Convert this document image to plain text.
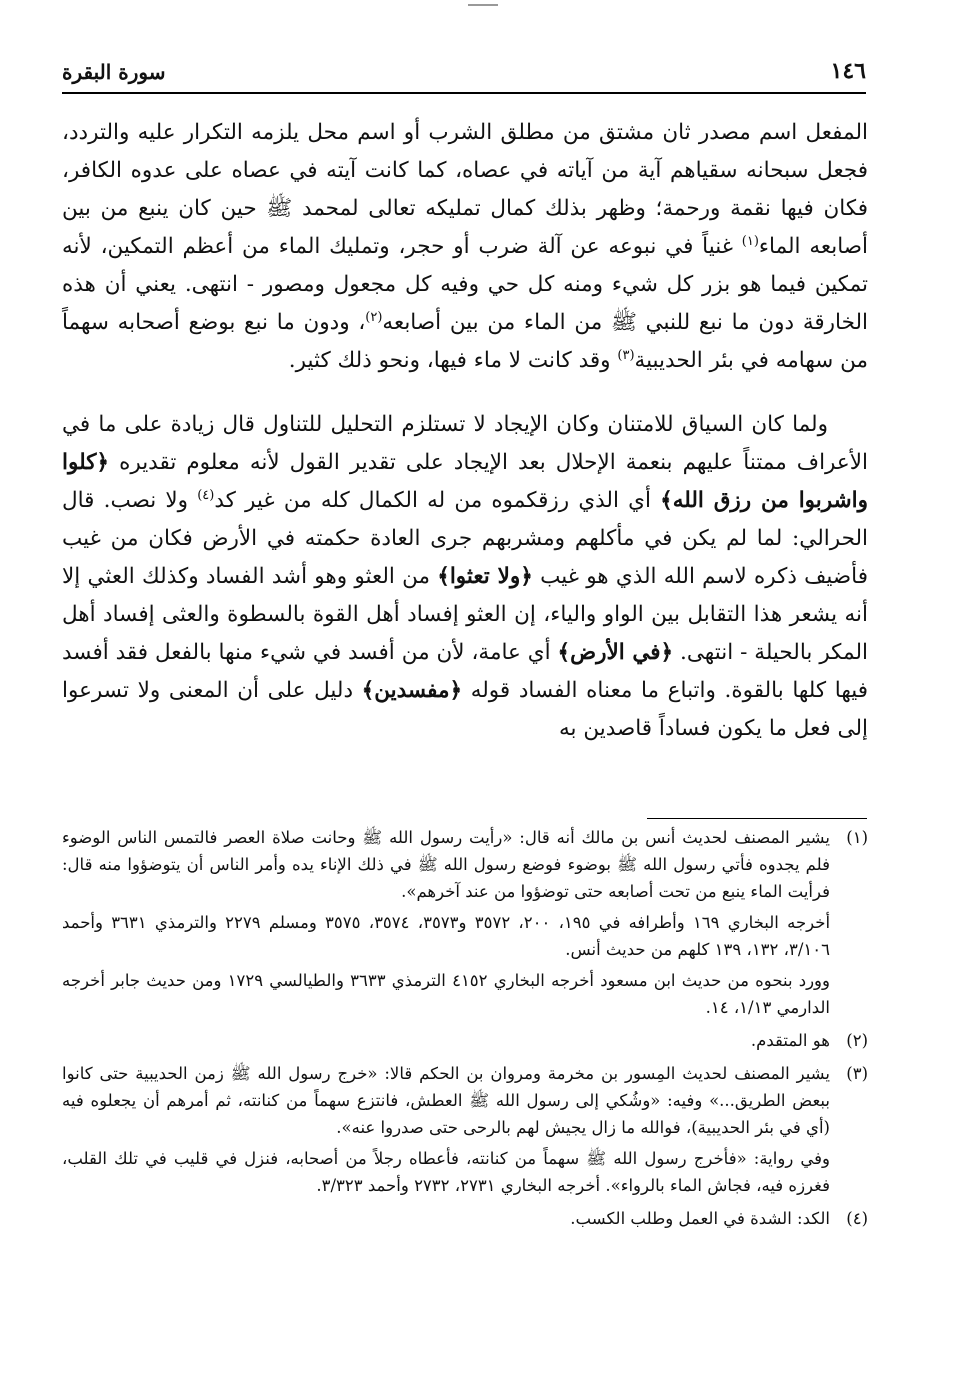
١٤٦
سورة البقرة

المفعل اسم مصدر ثان مشتق من مطلق الشرب أو اسم محل يلزمه التكرار عليه والتردد، فجعل سبحانه سقياهم آية من آياته في عصاه، كما كانت آيته في عصاه على عدوه الكافر، فكان فيها نقمة ورحمة؛ وظهر بذلك كمال تمليكه تعالى لمحمد ﷺ حين كان ينبع من بين أصابعه الماء$^{(١)}$ غنياً في نبوعه عن آلة ضرب أو حجر، وتمليك الماء من أعظم التمكين، لأنه تمكين فيما هو بزر كل شيء ومنه كل حي وفيه كل مجعول ومصور - انتهى. يعني أن هذه الخارقة دون ما نبع للنبي ﷺ من الماء من بين أصابعه$^{(٢)}$، ودون ما نبع بوضع أصحابه سهماً من سهامه في بئر الحديبية$^{(٣)}$ وقد كانت لا ماء فيها، ونحو ذلك كثير.

ولما كان السياق للامتنان وكان الإيجاد لا تستلزم التحليل للتناول قال زيادة على ما في الأعراف ممتناً عليهم بنعمة الإحلال بعد الإيجاد على تقدير القول لأنه معلوم تقديره ﴿كلوا واشربوا من رزق الله﴾ أي الذي رزقكموه من له الكمال كله من غير كد$^{(٤)}$ ولا نصب. قال الحرالي: لما لم يكن في مأكلهم ومشربهم جرى العادة حكمته في الأرض فكان من غيب فأضيف ذكره لاسم الله الذي هو غيب ﴿ولا تعثوا﴾ من العثو وهو أشد الفساد وكذلك العثي إلا أنه يشعر هذا التقابل بين الواو والياء، إن العثو إفساد أهل القوة بالسطوة والعثى إفساد أهل المكر بالحيلة - انتهى. ﴿في الأرض﴾ أي عامة، لأن من أفسد في شيء منها بالفعل فقد أفسد فيها كلها بالقوة. واتباع ما معناه الفساد قوله ﴿مفسدين﴾ دليل على أن المعنى ولا تسرعوا إلى فعل ما يكون فساداً قاصدين به

(١)

يشير المصنف لحديث أنس بن مالك أنه قال: «رأيت رسول الله ﷺ وحانت صلاة العصر فالتمس الناس الوضوء فلم يجدوه فأتي رسول الله ﷺ بوضوء فوضع رسول الله ﷺ في ذلك الإناء يده وأمر الناس أن يتوضؤوا منه قال: فرأيت الماء ينبع من تحت أصابعه حتى توضؤوا من عند آخرهم».

أخرجه البخاري ١٦٩ وأطرافه في ١٩٥، ٢٠٠، ٣٥٧٢ و٣٥٧٣، ٣٥٧٤، ٣٥٧٥ ومسلم ٢٢٧٩ والترمذي ٣٦٣١ وأحمد ٣/١٠٦، ١٣٢، ١٣٩ كلهم من حديث أنس.

وورد بنحوه من حديث ابن مسعود أخرجه البخاري ٤١٥٢ الترمذي ٣٦٣٣ والطيالسي ١٧٢٩ ومن حديث جابر أخرجه الدارمي ١/١٣، ١٤.

(٢)

هو المتقدم.

(٣)

يشير المصنف لحديث المِسور بن مخرمة ومروان بن الحكم قالا: «خرج رسول الله ﷺ زمن الحديبية حتى كانوا ببعض الطريق...» وفيه: «وشُكي إلى رسول الله ﷺ العطش، فانتزع سهماً من كنانته، ثم أمرهم أن يجعلوه فيه (أي في بئر الحديبية)، فوالله ما زال يجيش لهم بالرحى حتى صدروا عنه».

وفي رواية: «فأخرج رسول الله ﷺ سهماً من كنانته، فأعطاه رجلاً من أصحابه، فنزل في قليب في تلك القلب، فغرزه فيه، فجاش الماء بالرواء». أخرجه البخاري ٢٧٣١، ٢٧٣٢ وأحمد ٣/٣٢٣.

(٤)

الكد: الشدة في العمل وطلب الكسب.
